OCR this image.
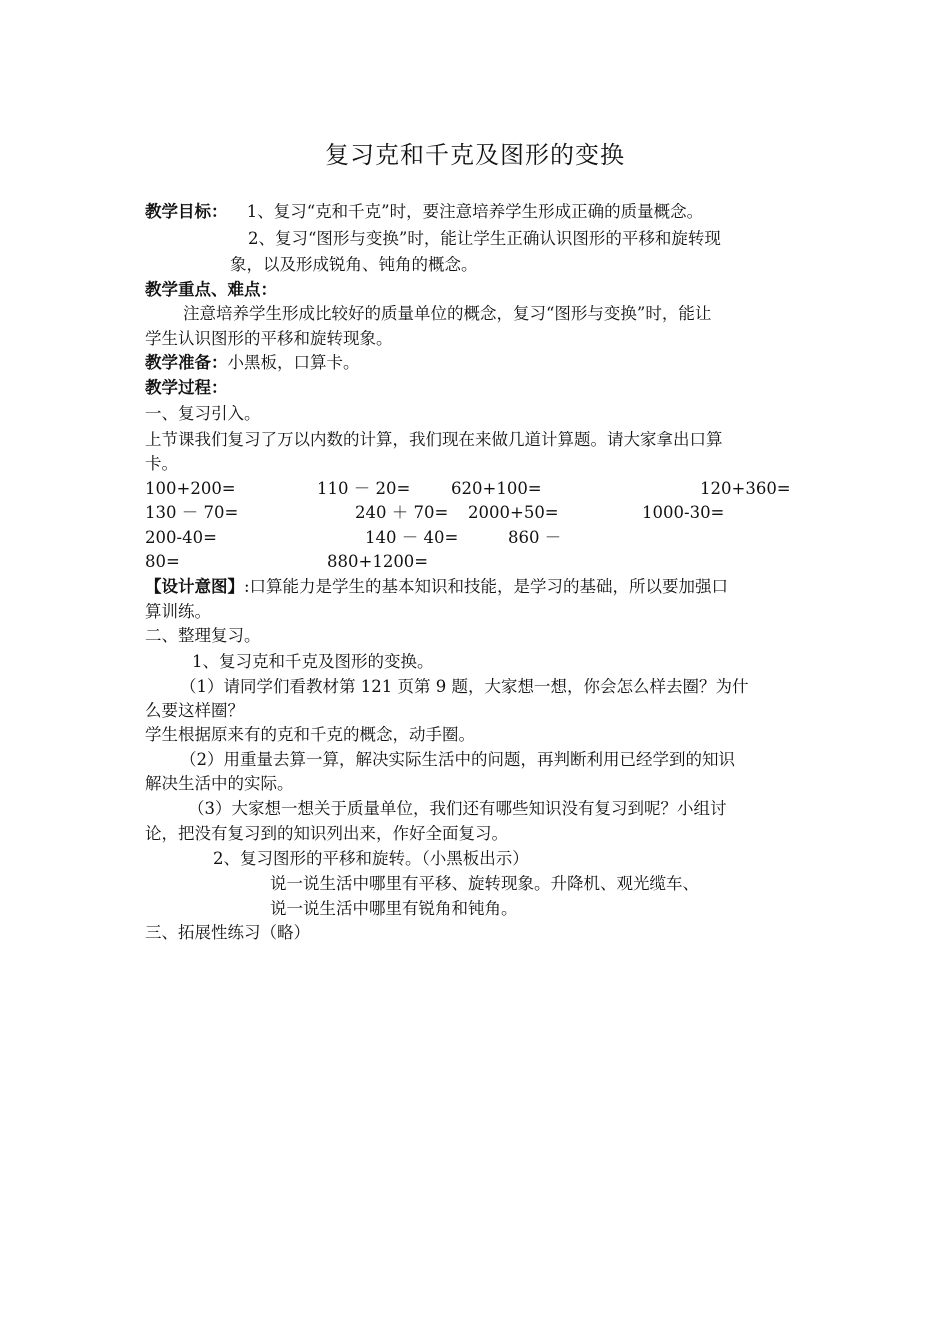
复习克和千克及图形的变换
教学目标： 1、复习“克和千克”时，要注意培养学生形成正确的质量概念。
2、复习“图形与变换”时，能让学生正确认识图形的平移和旋转现
象，以及形成锐角、钝角的概念。
教学重点、难点：
注意培养学生形成比较好的质量单位的概念，复习“图形与变换”时，能让
学生认识图形的平移和旋转现象。
教学准备：小黑板，口算卡。
教学过程：
一、复习引入。
上节课我们复习了万以内数的计算，我们现在来做几道计算题。请大家拿出口算
卡。
100+200=	110 － 20= 620+100=	120+360=
130 － 70=	240 ＋ 70= 2000+50=	1000-30=
200-40=	140 － 40=	860 －
80=	880+1200=
【设计意图】:口算能力是学生的基本知识和技能，是学习的基础，所以要加强口
算训练。
二、整理复习。
1、复习克和千克及图形的变换。
（1）请同学们看教材第 121 页第 9 题，大家想一想，你会怎么样去圈？为什
么要这样圈？
学生根据原来有的克和千克的概念，动手圈。
（2）用重量去算一算，解决实际生活中的问题，再判断利用已经学到的知识
解决生活中的实际。
（3）大家想一想关于质量单位，我们还有哪些知识没有复习到呢？小组讨
论，把没有复习到的知识列出来，作好全面复习。
2、复习图形的平移和旋转。（小黑板出示）
说一说生活中哪里有平移、旋转现象。升降机、观光缆车、
说一说生活中哪里有锐角和钝角。
三、拓展性练习（略）
